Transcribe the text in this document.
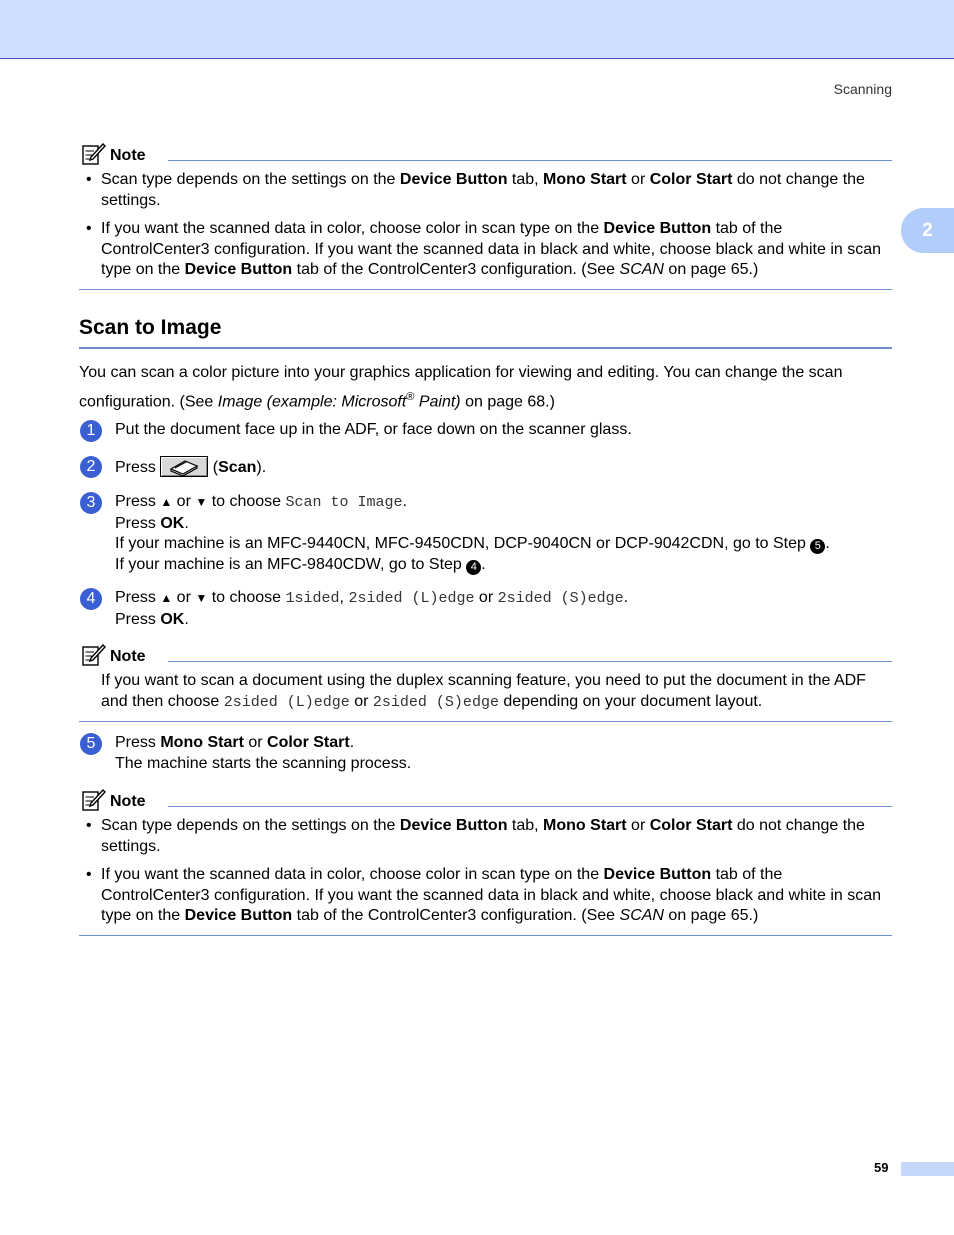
Scanning
2
Note
• Scan type depends on the settings on the Device Button tab, Mono Start or Color Start do not change the settings.
• If you want the scanned data in color, choose color in scan type on the Device Button tab of the ControlCenter3 configuration. If you want the scanned data in black and white, choose black and white in scan type on the Device Button tab of the ControlCenter3 configuration. (See SCAN on page 65.)
Scan to Image

You can scan a color picture into your graphics application for viewing and editing. You can change the scan configuration. (See Image (example: Microsoft® Paint) on page 68.)

1	Put the document face up in the ADF, or face down on the scanner glass.
2	Press	(Scan).
3	Press ▲ or ▼ to choose Scan to Image.
Press OK.
If your machine is an MFC-9440CN, MFC-9450CDN, DCP-9040CN or DCP-9042CDN, go to Step 5 .
If your machine is an MFC-9840CDW, go to Step 4 .
4	Press ▲ or ▼ to choose 1sided, 2sided (L)edge or 2sided (S)edge.
Press OK.
Note
If you want to scan a document using the duplex scanning feature, you need to put the document in the ADF and then choose 2sided (L)edge or 2sided (S)edge depending on your document layout.
5	Press Mono Start or Color Start.
The machine starts the scanning process.
Note
• Scan type depends on the settings on the Device Button tab, Mono Start or Color Start do not change the settings.
• If you want the scanned data in color, choose color in scan type on the Device Button tab of the ControlCenter3 configuration. If you want the scanned data in black and white, choose black and white in scan type on the Device Button tab of the ControlCenter3 configuration. (See SCAN on page 65.)
59
